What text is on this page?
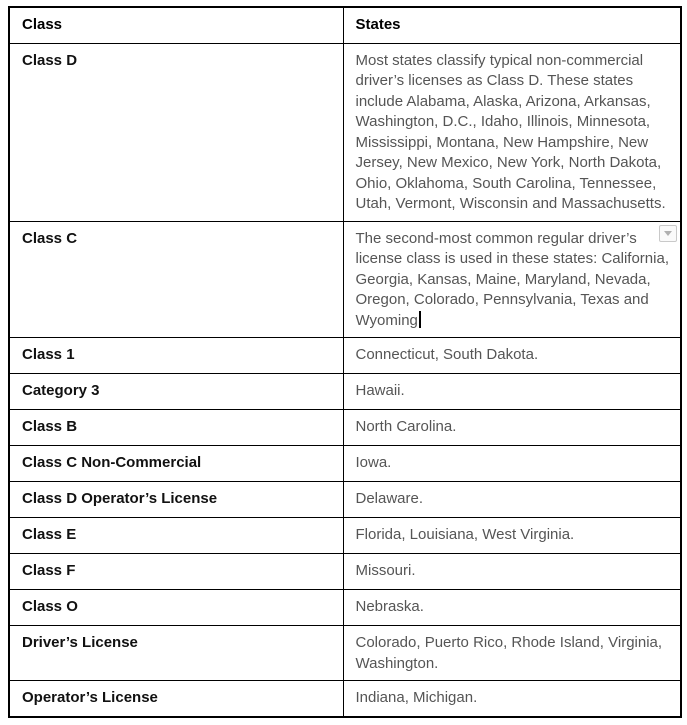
Class	States
Class D	Most states classify typical non-commercial driver’s licenses as Class D. These states include Alabama, Alaska, Arizona, Arkansas, Washington, D.C., Idaho, Illinois, Minnesota, Mississippi, Montana, New Hampshire, New Jersey, New Mexico, New York, North Dakota, Ohio, Oklahoma, South Carolina, Tennessee, Utah, Vermont, Wisconsin and Massachusetts.
Class C	The second-most common regular driver’s license class is used in these states: California, Georgia, Kansas, Maine, Maryland, Nevada, Oregon, Colorado, Pennsylvania, Texas and Wyoming

Class 1	Connecticut, South Dakota.
Category 3	Hawaii.
Class B	North Carolina.
Class C Non-Commercial	Iowa.
Class D Operator’s License	Delaware.
Class E	Florida, Louisiana, West Virginia.
Class F	Missouri.
Class O	Nebraska.
Driver’s License	Colorado, Puerto Rico, Rhode Island, Virginia, Washington.
Operator’s License	Indiana, Michigan.
